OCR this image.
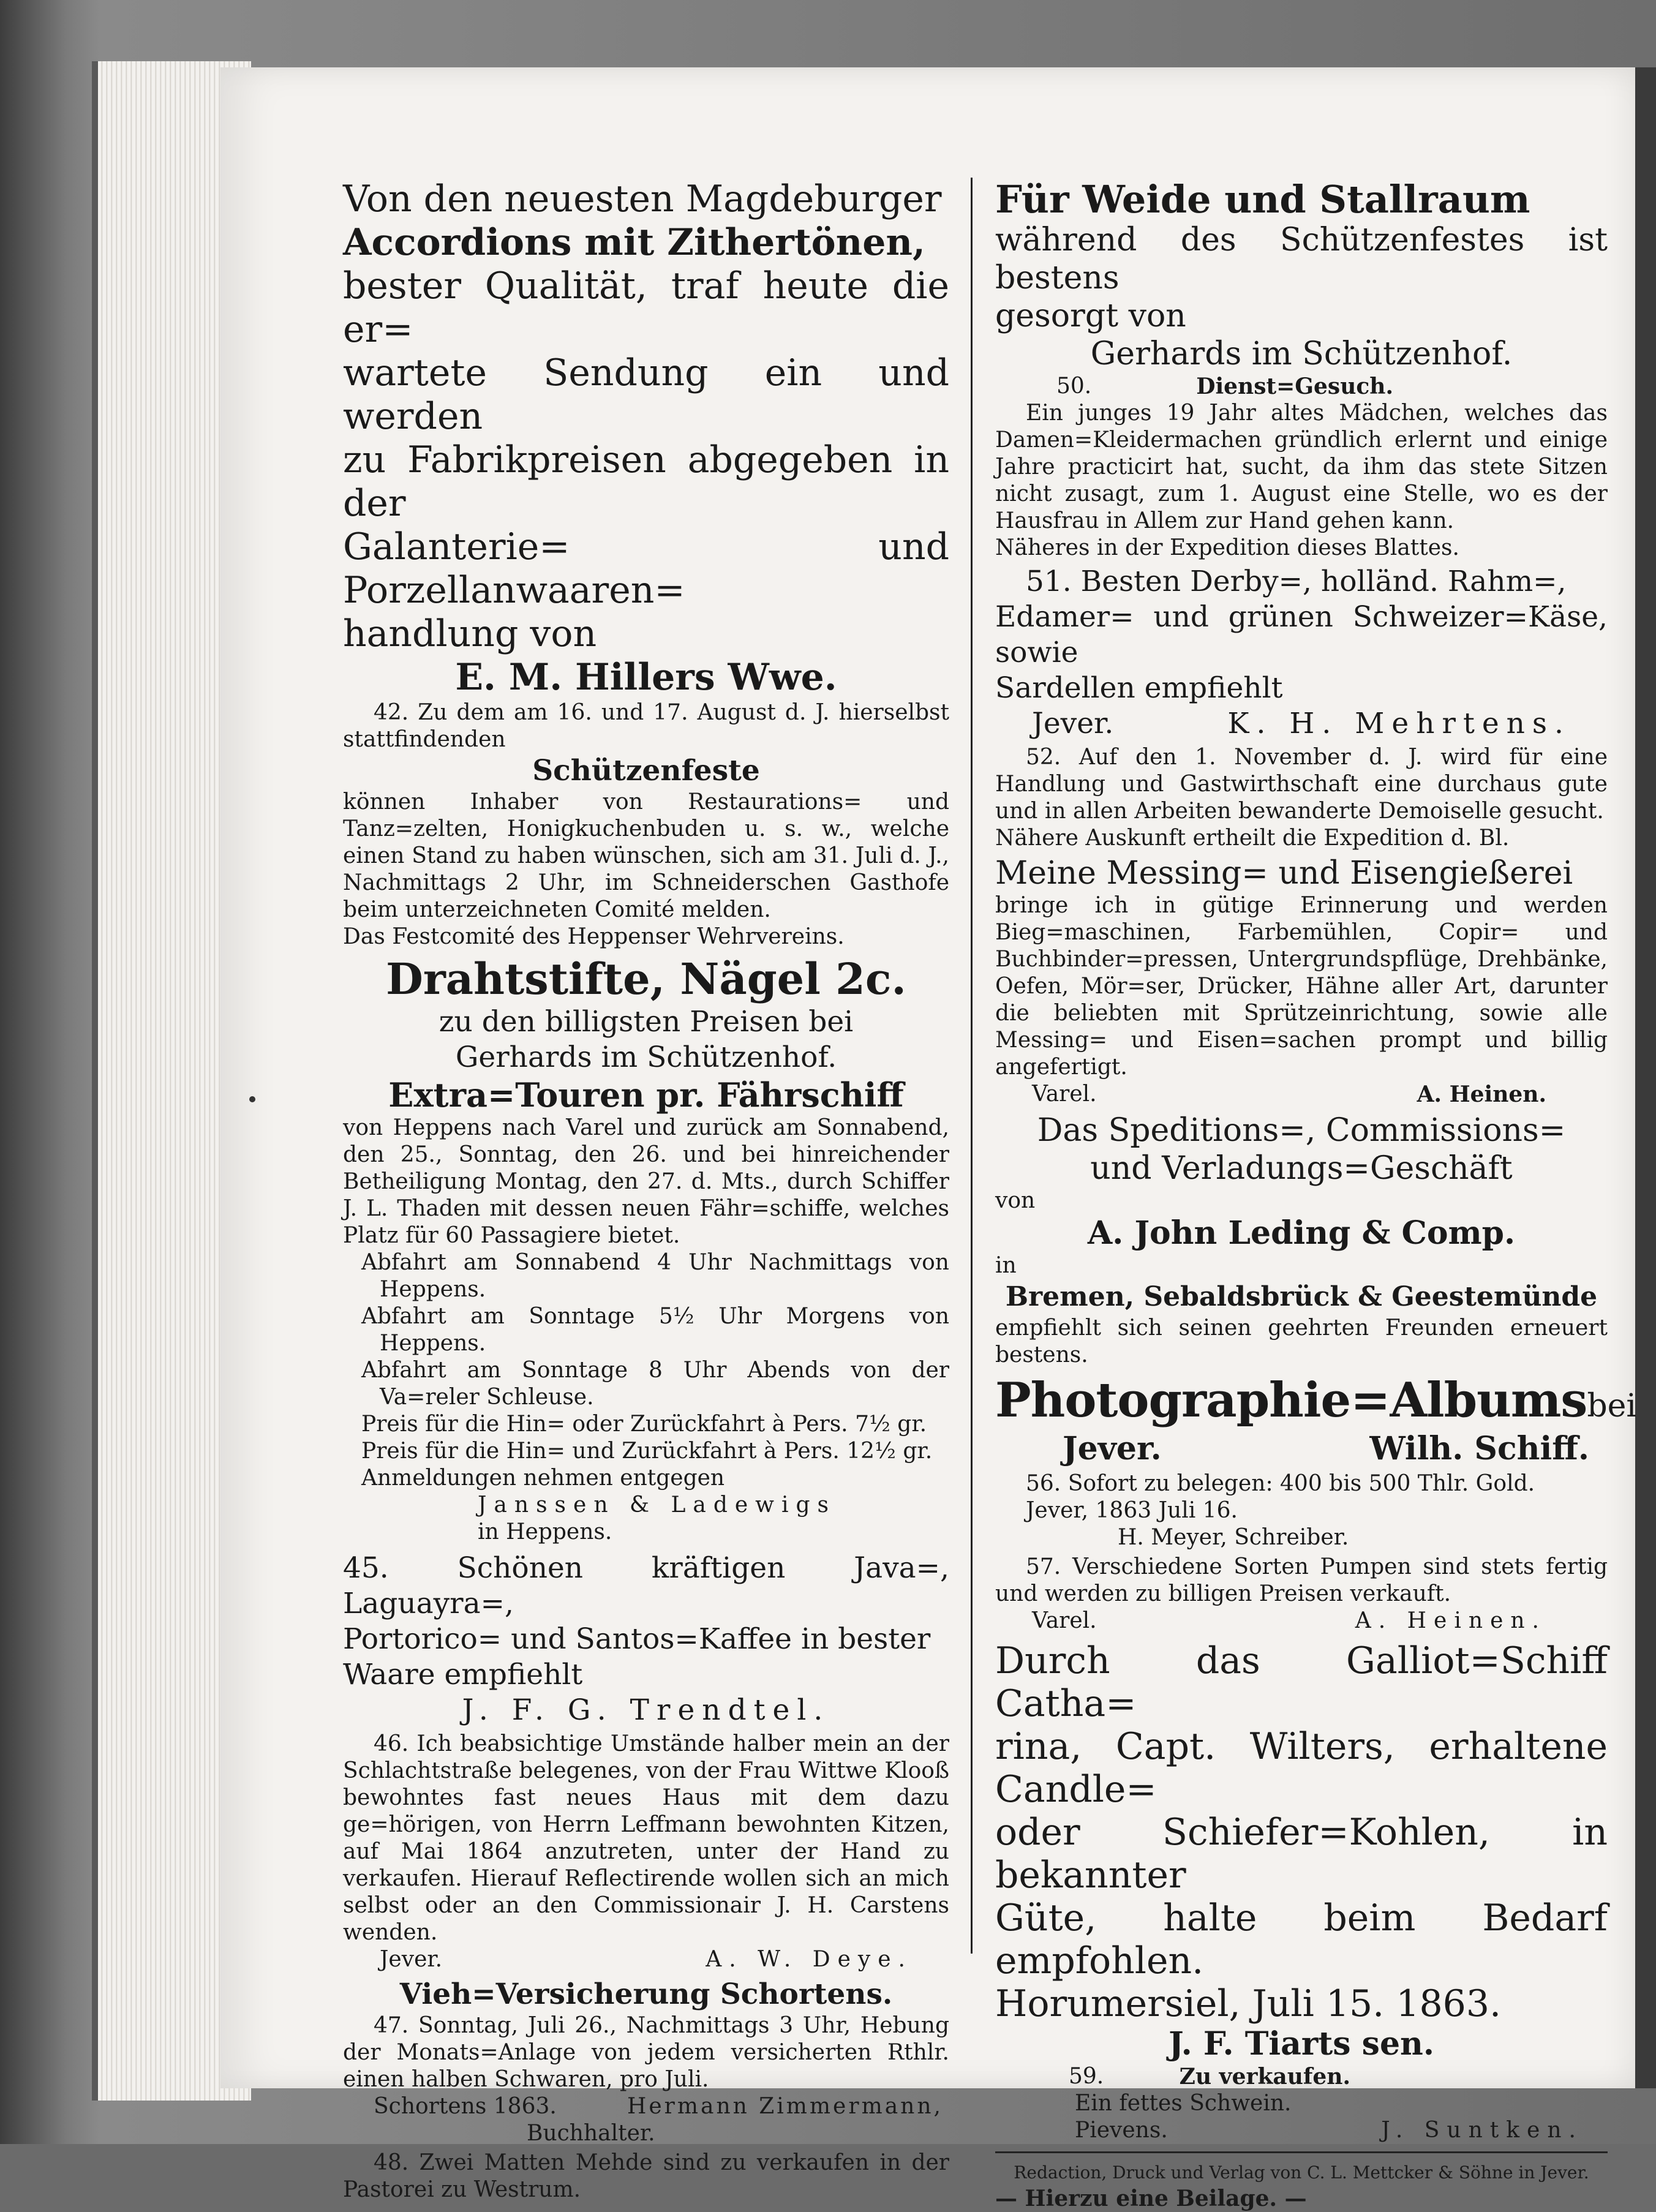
Von den neuesten Magdeburger

Accordions mit Zithertönen,

bester Qualität, traf heute die er=

wartete Sendung ein und werden

zu Fabrikpreisen abgegeben in der

Galanterie= und Porzellanwaaren=

handlung von

E. M. Hillers Wwe.

42. Zu dem am 16. und 17. August d. J. hierselbst stattfindenden

Schützenfeste

können Inhaber von Restaurations= und Tanz=zelten, Honigkuchenbuden u. s. w., welche einen Stand zu haben wünschen, sich am 31. Juli d. J., Nachmittags 2 Uhr, im Schneiderschen Gasthofe beim unterzeichneten Comité melden.

Das Festcomité des Heppenser Wehrvereins.

Drahtstifte, Nägel 2c.

zu den billigsten Preisen bei

Gerhards im Schützenhof.

Extra=Touren pr. Fährschiff

von Heppens nach Varel und zurück am Sonnabend, den 25., Sonntag, den 26. und bei hinreichender Betheiligung Montag, den 27. d. Mts., durch Schiffer J. L. Thaden mit dessen neuen Fähr=schiffe, welches Platz für 60 Passagiere bietet.

Abfahrt am Sonnabend 4 Uhr Nachmittags von Heppens.

Abfahrt am Sonntage 5½ Uhr Morgens von Heppens.

Abfahrt am Sonntage 8 Uhr Abends von der Va=reler Schleuse.

Preis für die Hin= oder Zurückfahrt à Pers. 7½ gr.

Preis für die Hin= und Zurückfahrt à Pers. 12½ gr.

Anmeldungen nehmen entgegen

Janssen & Ladewigs

in Heppens.

45. Schönen kräftigen Java=, Laguayra=,

Portorico= und Santos=Kaffee in bester

Waare empfiehlt

J. F. G. Trendtel.

46. Ich beabsichtige Umstände halber mein an der Schlachtstraße belegenes, von der Frau Wittwe Klooß bewohntes fast neues Haus mit dem dazu ge=hörigen, von Herrn Leffmann bewohnten Kitzen, auf Mai 1864 anzutreten, unter der Hand zu verkaufen. Hierauf Reflectirende wollen sich an mich selbst oder an den Commissionair J. H. Carstens wenden.

Jever.	A. W. Deye.

Vieh=Versicherung Schortens.

47. Sonntag, Juli 26., Nachmittags 3 Uhr, Hebung der Monats=Anlage von jedem versicherten Rthlr. einen halben Schwaren, pro Juli.

Schortens 1863.	Hermann Zimmermann,

Buchhalter.

48. Zwei Matten Mehde sind zu verkaufen in der Pastorei zu Westrum.

Für Weide und Stallraum

während des Schützenfestes ist bestens

gesorgt von

Gerhards im Schützenhof.

50.	Dienst=Gesuch.

Ein junges 19 Jahr altes Mädchen, welches das Damen=Kleidermachen gründlich erlernt und einige Jahre practicirt hat, sucht, da ihm das stete Sitzen nicht zusagt, zum 1. August eine Stelle, wo es der Hausfrau in Allem zur Hand gehen kann.

Näheres in der Expedition dieses Blattes.

51. Besten Derby=, holländ. Rahm=,

Edamer= und grünen Schweizer=Käse, sowie

Sardellen empfiehlt

Jever.	K. H. Mehrtens.

52. Auf den 1. November d. J. wird für eine Handlung und Gastwirthschaft eine durchaus gute und in allen Arbeiten bewanderte Demoiselle gesucht.

Nähere Auskunft ertheilt die Expedition d. Bl.

Meine Messing= und Eisengießerei

bringe ich in gütige Erinnerung und werden Bieg=maschinen, Farbemühlen, Copir= und Buchbinder=pressen, Untergrundspflüge, Drehbänke, Oefen, Mör=ser, Drücker, Hähne aller Art, darunter die beliebten mit Sprützeinrichtung, sowie alle Messing= und Eisen=sachen prompt und billig angefertigt.

Varel.	A. Heinen.

Das Speditions=, Commissions=

und Verladungs=Geschäft

von

A. John Leding & Comp.

in

Bremen, Sebaldsbrück & Geestemünde

empfiehlt sich seinen geehrten Freunden erneuert bestens.

Photographie=Albums bei
Jever.	Wilh. Schiff.

56. Sofort zu belegen: 400 bis 500 Thlr. Gold.

Jever, 1863 Juli 16.

H. Meyer, Schreiber.

57. Verschiedene Sorten Pumpen sind stets fertig und werden zu billigen Preisen verkauft.

Varel.	A. Heinen.

Durch das Galliot=Schiff Catha=

rina, Capt. Wilters, erhaltene Candle=

oder Schiefer=Kohlen, in bekannter

Güte, halte beim Bedarf empfohlen.

Horumersiel, Juli 15. 1863.

J. F. Tiarts sen.

59.	Zu verkaufen.

Ein fettes Schwein.

Pievens.	J. Suntken.

Redaction, Druck und Verlag von C. L. Mettcker & Söhne in Jever.

— Hierzu eine Beilage. —
